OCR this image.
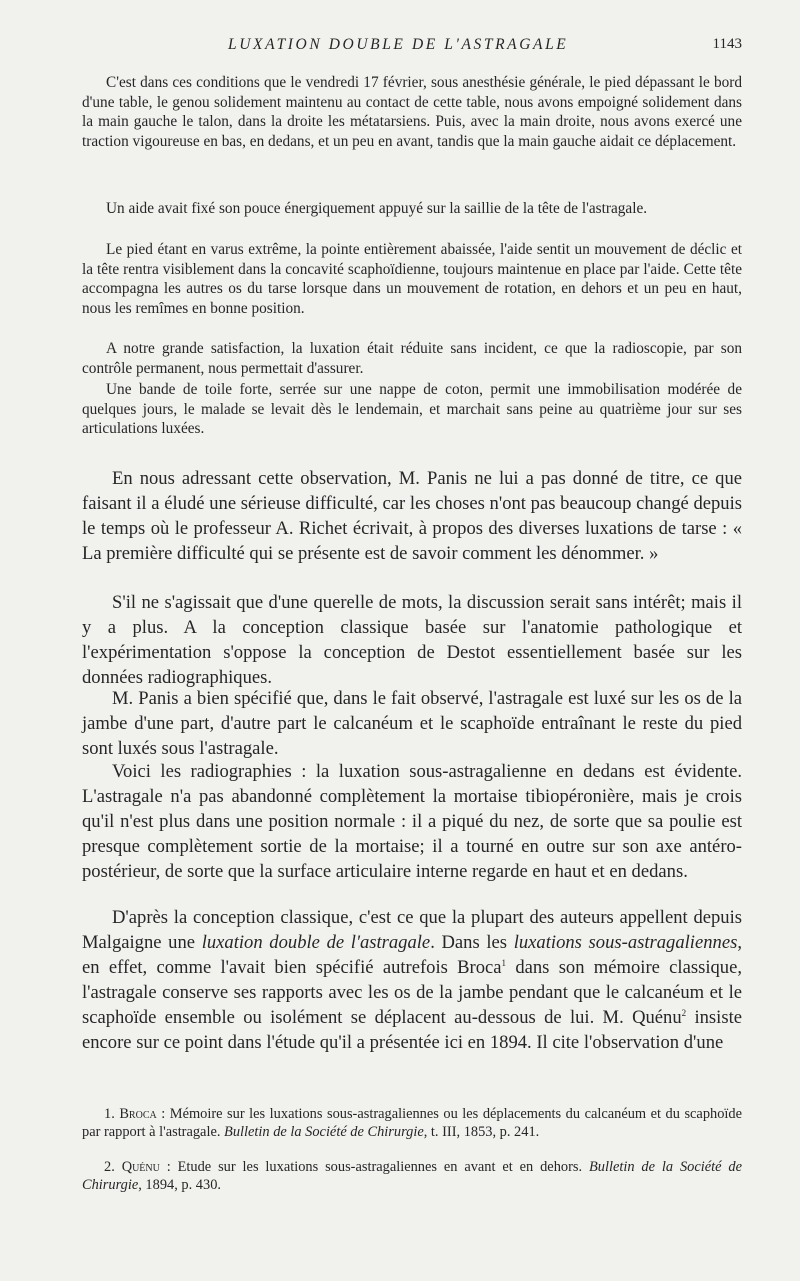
LUXATION DOUBLE DE L'ASTRAGALE	1143

C'est dans ces conditions que le vendredi 17 février, sous anesthésie générale, le pied dépassant le bord d'une table, le genou solidement maintenu au contact de cette table, nous avons empoigné solidement dans la main gauche le talon, dans la droite les métatarsiens. Puis, avec la main droite, nous avons exercé une traction vigoureuse en bas, en dedans, et un peu en avant, tandis que la main gauche aidait ce déplacement.

Un aide avait fixé son pouce énergiquement appuyé sur la saillie de la tête de l'astragale.

Le pied étant en varus extrême, la pointe entièrement abaissée, l'aide sentit un mouvement de déclic et la tête rentra visiblement dans la concavité scaphoïdienne, toujours maintenue en place par l'aide. Cette tête accompagna les autres os du tarse lorsque dans un mouvement de rotation, en dehors et un peu en haut, nous les remîmes en bonne position.

A notre grande satisfaction, la luxation était réduite sans incident, ce que la radioscopie, par son contrôle permanent, nous permettait d'assurer.

Une bande de toile forte, serrée sur une nappe de coton, permit une immobilisation modérée de quelques jours, le malade se levait dès le lendemain, et marchait sans peine au quatrième jour sur ses articulations luxées.

En nous adressant cette observation, M. Panis ne lui a pas donné de titre, ce que faisant il a éludé une sérieuse difficulté, car les choses n'ont pas beaucoup changé depuis le temps où le professeur A. Richet écrivait, à propos des diverses luxations de tarse : « La première difficulté qui se présente est de savoir comment les dénommer. »

S'il ne s'agissait que d'une querelle de mots, la discussion serait sans intérêt; mais il y a plus. A la conception classique basée sur l'anatomie pathologique et l'expérimentation s'oppose la conception de Destot essentiellement basée sur les données radiographiques.

M. Panis a bien spécifié que, dans le fait observé, l'astragale est luxé sur les os de la jambe d'une part, d'autre part le calcanéum et le scaphoïde entraînant le reste du pied sont luxés sous l'astragale.

Voici les radiographies : la luxation sous-astragalienne en dedans est évidente. L'astragale n'a pas abandonné complètement la mortaise tibiopéronière, mais je crois qu'il n'est plus dans une position normale : il a piqué du nez, de sorte que sa poulie est presque complètement sortie de la mortaise; il a tourné en outre sur son axe antéro-postérieur, de sorte que la surface articulaire interne regarde en haut et en dedans.

D'après la conception classique, c'est ce que la plupart des auteurs appellent depuis Malgaigne une luxation double de l'astragale. Dans les luxations sous-astragaliennes, en effet, comme l'avait bien spécifié autrefois Broca$^1$ dans son mémoire classique, l'astragale conserve ses rapports avec les os de la jambe pendant que le calcanéum et le scaphoïde ensemble ou isolément se déplacent au-dessous de lui. M. Quénu$^2$ insiste encore sur ce point dans l'étude qu'il a présentée ici en 1894. Il cite l'observation d'une

1. Broca : Mémoire sur les luxations sous-astragaliennes ou les déplacements du calcanéum et du scaphoïde par rapport à l'astragale. Bulletin de la Société de Chirurgie, t. III, 1853, p. 241.

2. Quénu : Etude sur les luxations sous-astragaliennes en avant et en dehors. Bulletin de la Société de Chirurgie, 1894, p. 430.
